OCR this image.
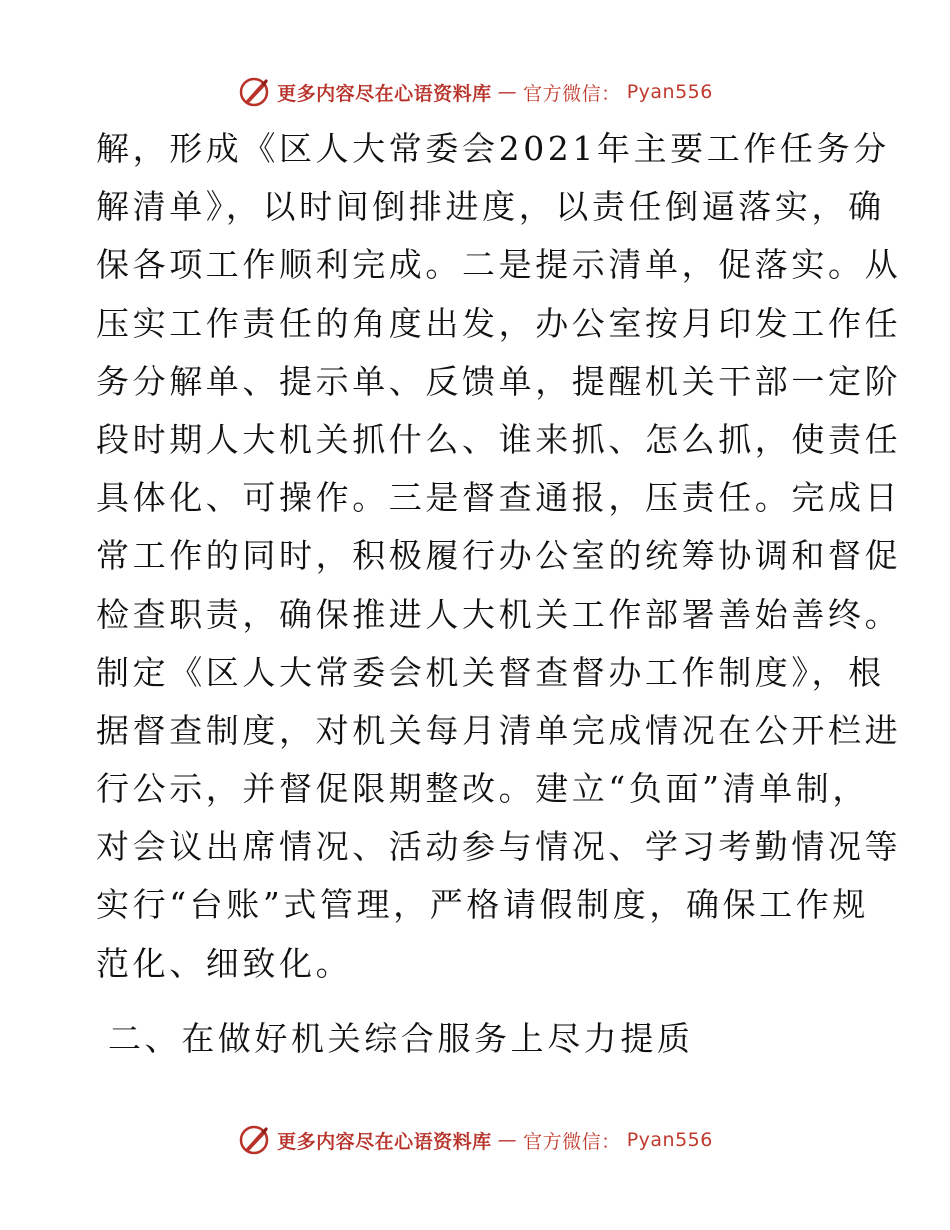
更多内容尽在心语资料库 — 官方微信： Pyan556
解，形成《区人大常委会2021年主要工作任务分
解清单》，以时间倒排进度，以责任倒逼落实，确
保各项工作顺利完成。二是提示清单，促落实。从
压实工作责任的角度出发，办公室按月印发工作任
务分解单、提示单、反馈单，提醒机关干部一定阶
段时期人大机关抓什么、谁来抓、怎么抓，使责任
具体化、可操作。三是督查通报，压责任。完成日
常工作的同时，积极履行办公室的统筹协调和督促
检查职责，确保推进人大机关工作部署善始善终。
制定《区人大常委会机关督查督办工作制度》，根
据督查制度，对机关每月清单完成情况在公开栏进
行公示，并督促限期整改。建立“负面”清单制，
对会议出席情况、活动参与情况、学习考勤情况等
实行“台账”式管理，严格请假制度，确保工作规
范化、细致化。
二、在做好机关综合服务上尽力提质
更多内容尽在心语资料库 — 官方微信： Pyan556
